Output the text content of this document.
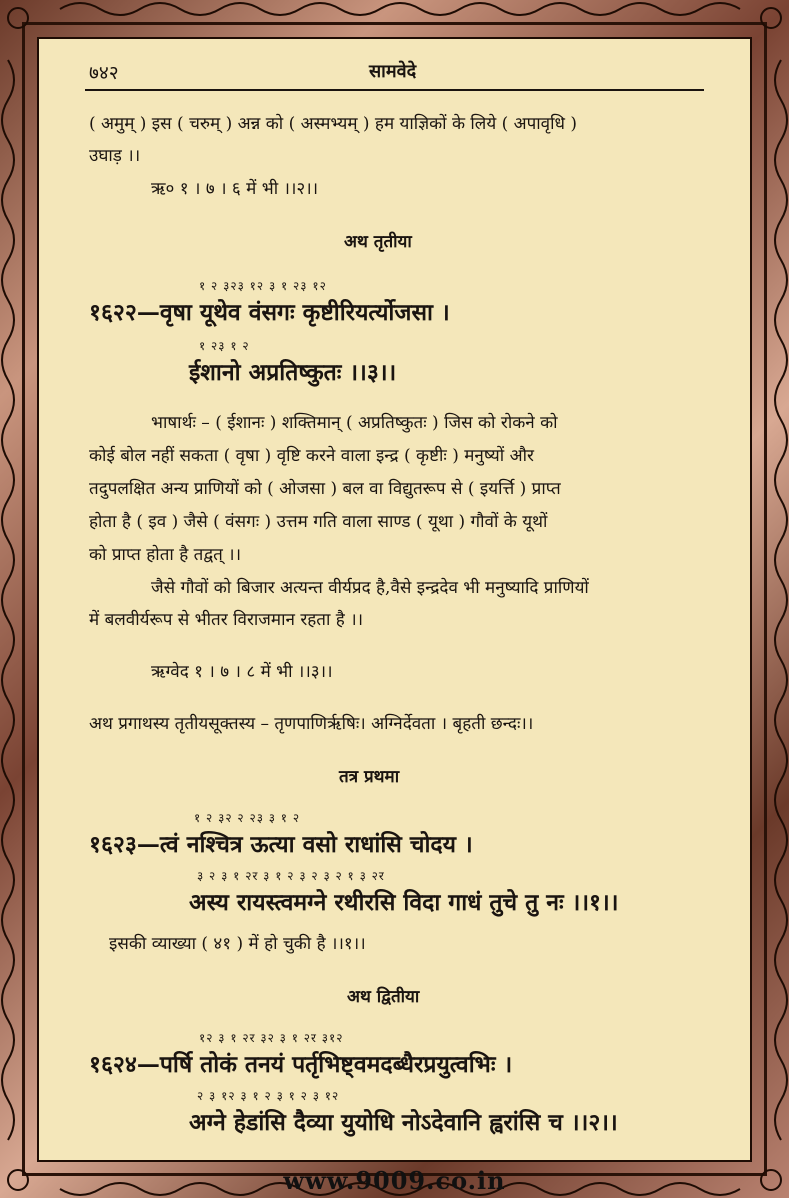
७४२	सामवेदे
( अमुम् ) इस ( चरुम् ) अन्न को ( अस्मभ्यम् ) हम याज्ञिकों के लिये ( अपावृधि )
उघाड़ ।।
ऋ० १ । ७ । ६ में भी ।।२।।
अथ तृतीया
१ २ ३२३ १२ ३ १ २३ १२
१६२२—वृषा यूथेव वंसगः कृष्टीरियर्त्योजसा ।
१ २३ १ २
ईशानो अप्रतिष्कुतः ।।३।।
भाषार्थः – ( ईशानः ) शक्तिमान् ( अप्रतिष्कुतः ) जिस को रोकने को
कोई बोल नहीं सकता ( वृषा ) वृष्टि करने वाला इन्द्र ( कृष्टीः ) मनुष्यों और
तदुपलक्षित अन्य प्राणियों को ( ओजसा ) बल वा विद्युतरूप से ( इयर्त्ति ) प्राप्त
होता है ( इव ) जैसे ( वंसगः ) उत्तम गति वाला साण्ड ( यूथा ) गौवों के यूथों
को प्राप्त होता है तद्वत् ।।
जैसे गौवों को बिजार अत्यन्त वीर्यप्रद है,वैसे इन्द्रदेव भी मनुष्यादि प्राणियों
में बलवीर्यरूप से भीतर विराजमान रहता है ।।
ऋग्वेद १ । ७ । ८ में भी ।।३।।
अथ प्रगाथस्य तृतीयसूक्तस्य – तृणपाणिर्ऋषिः। अग्निर्देवता । बृहती छन्दः।।
तत्र प्रथमा
१ २ ३२ २ २३ ३ १ २
१६२३—त्वं नश्चित्र ऊत्या वसो राधांसि चोदय ।
३ २ ३ १ २र ३ १ २ ३ २ ३ २ १ ३ २र
अस्य रायस्त्वमग्ने रथीरसि विदा गाधं तुचे तु नः ।।१।।
इसकी व्याख्या ( ४१ ) में हो चुकी है ।।१।।
अथ द्वितीया
१२ ३ १ २र ३२ ३ १ २र ३१२
१६२४—पर्षि तोकं तनयं पर्तृभिष्ट्वमदब्धैरप्रयुत्वभिः ।
२ ३ १२ ३ १ २ ३ १ २ ३ १२
अग्ने हेडांसि दैव्या युयोधि नोऽदेवानि ह्वरांसि च ।।२।।
www.9009.co.in
